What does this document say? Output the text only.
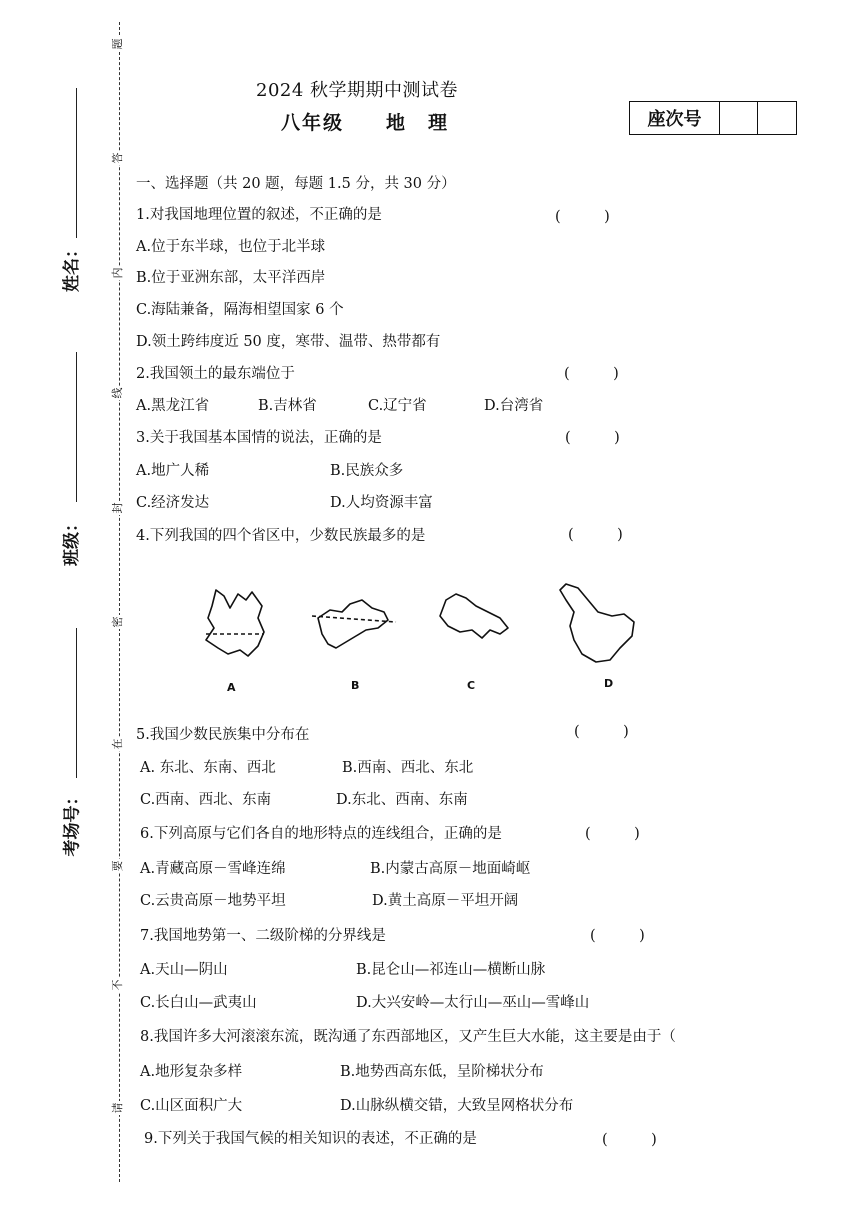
题
答
内
线
封
密
在
要
不
请
姓名：
班级：
考场号：
2024 秋学期期中测试卷
八年级　　地　理	座次号
一、选择题（共 20 题，每题 1.5 分，共 30 分）
1.对我国地理位置的叙述，不正确的是	(　　　)
A.位于东半球，也位于北半球
B.位于亚洲东部，太平洋西岸
C.海陆兼备，隔海相望国家 6 个
D.领土跨纬度近 50 度，寒带、温带、热带都有
2.我国领土的最东端位于	(　　　)
A.黑龙江省	B.吉林省	C.辽宁省	D.台湾省
3.关于我国基本国情的说法，正确的是	(　　　)
A.地广人稀	B.民族众多
C.经济发达	D.人均资源丰富
4.下列我国的四个省区中，少数民族最多的是	(　　　)
A	B	C	D
5.我国少数民族集中分布在	(　　　)
A. 东北、东南、西北	B.西南、西北、东北
C.西南、西北、东南	D.东北、西南、东南
6.下列高原与它们各自的地形特点的连线组合，正确的是	(　　　)
A.青藏高原－雪峰连绵	B.内蒙古高原－地面崎岖
C.云贵高原－地势平坦	D.黄土高原－平坦开阔
7.我国地势第一、二级阶梯的分界线是	(　　　)
A.天山—阴山	B.昆仑山—祁连山—横断山脉
C.长白山—武夷山	D.大兴安岭—太行山—巫山—雪峰山
8.我国许多大河滚滚东流，既沟通了东西部地区，又产生巨大水能，这主要是由于（
A.地形复杂多样	B.地势西高东低，呈阶梯状分布
C.山区面积广大	D.山脉纵横交错，大致呈网格状分布
9.下列关于我国气候的相关知识的表述，不正确的是	(　　　)
